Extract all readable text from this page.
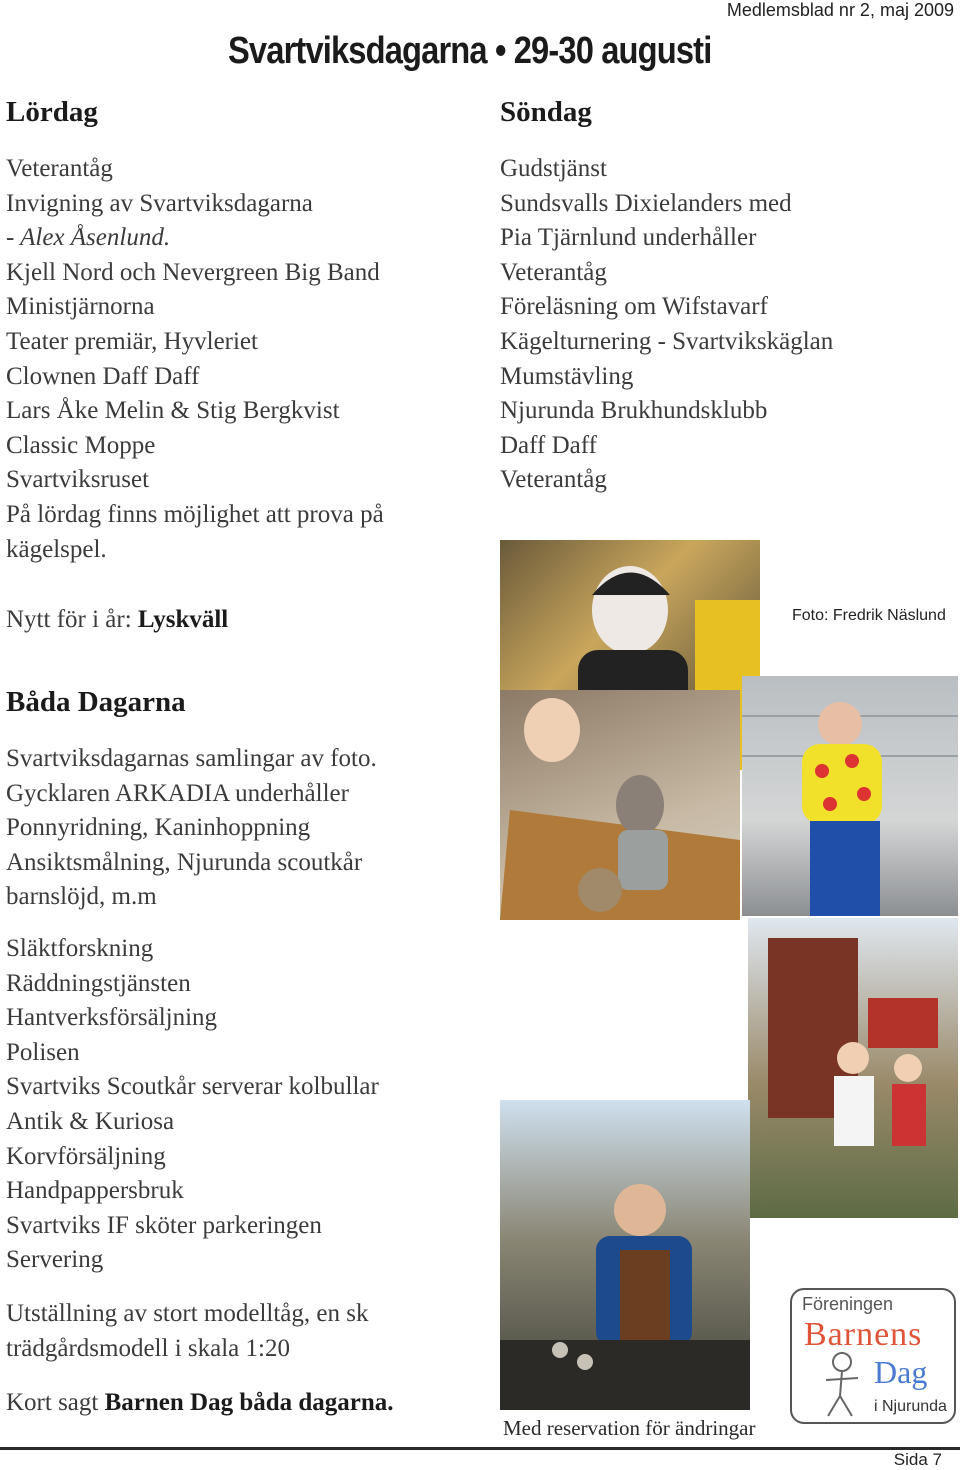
Medlemsblad nr 2, maj 2009
Svartviksdagarna • 29-30 augusti
Lördag
Veterantåg
Invigning av Svartviksdagarna
- Alex Åsenlund.
Kjell Nord och Nevergreen Big Band
Ministjärnorna
Teater premiär, Hyvleriet
Clownen Daff Daff
Lars Åke Melin & Stig Bergkvist
Classic Moppe
Svartviksruset
På lördag finns möjlighet att prova på kägelspel.
Nytt för i år: Lyskväll
Söndag
Gudstjänst
Sundsvalls Dixielanders med
Pia Tjärnlund underhåller
Veterantåg
Föreläsning om Wifstavarf
Kägelturnering - Svartvikskäglan
Mumstävling
Njurunda Brukhundsklubb
Daff Daff
Veterantåg
Båda Dagarna
Svartviksdagarnas samlingar av foto.
Gycklaren ARKADIA underhåller
Ponnyridning, Kaninhoppning
Ansiktsmålning, Njurunda scoutkår
barnslöjd, m.m
Släktforskning
Räddningstjänsten
Hantverksförsäljning
Polisen
Svartviks Scoutkår serverar kolbullar
Antik & Kuriosa
Korvförsäljning
Handpappersbruk
Svartviks IF sköter parkeringen
Servering
Utställning av stort modelltåg, en sk
trädgårdsmodell i skala 1:20
Kort sagt Barnen Dag båda dagarna.
Foto: Fredrik Näslund
Med reservation för ändringar
Föreningen
Barnens
Dag
i Njurunda
Sida 7
